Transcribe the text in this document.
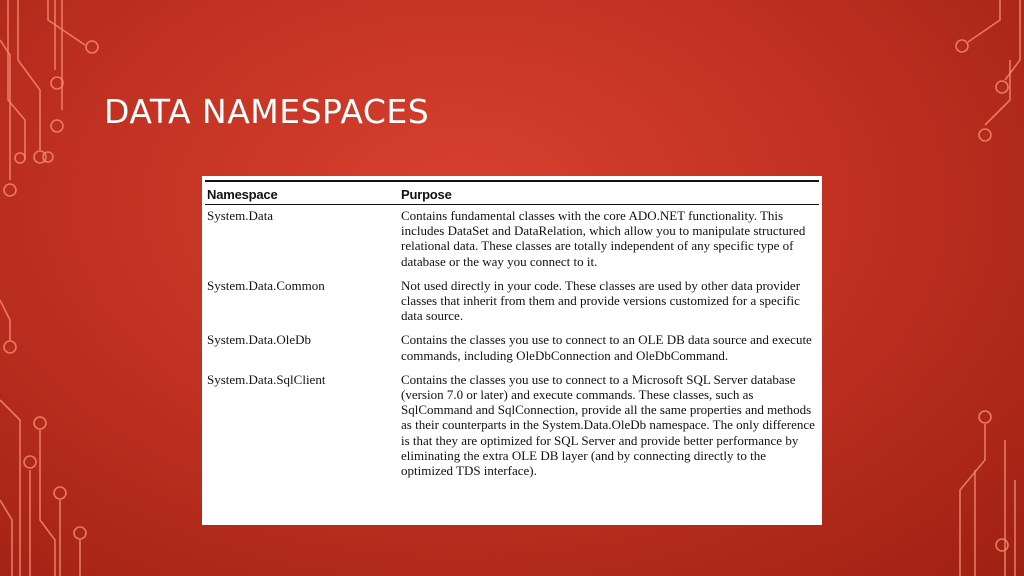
DATA NAMESPACES
Namespace	Purpose
System.Data	Contains fundamental classes with the core ADO.NET functionality. This includes DataSet and DataRelation, which allow you to manipulate structured relational data. These classes are totally independent of any specific type of database or the way you connect to it.
System.Data.Common	Not used directly in your code. These classes are used by other data provider classes that inherit from them and provide versions customized for a specific data source.
System.Data.OleDb	Contains the classes you use to connect to an OLE DB data source and execute commands, including OleDbConnection and OleDbCommand.
System.Data.SqlClient	Contains the classes you use to connect to a Microsoft SQL Server database (version 7.0 or later) and execute commands. These classes, such as SqlCommand and SqlConnection, provide all the same properties and methods as their counterparts in the System.Data.OleDb namespace. The only difference is that they are optimized for SQL Server and provide better performance by eliminating the extra OLE DB layer (and by connecting directly to the optimized TDS interface).
